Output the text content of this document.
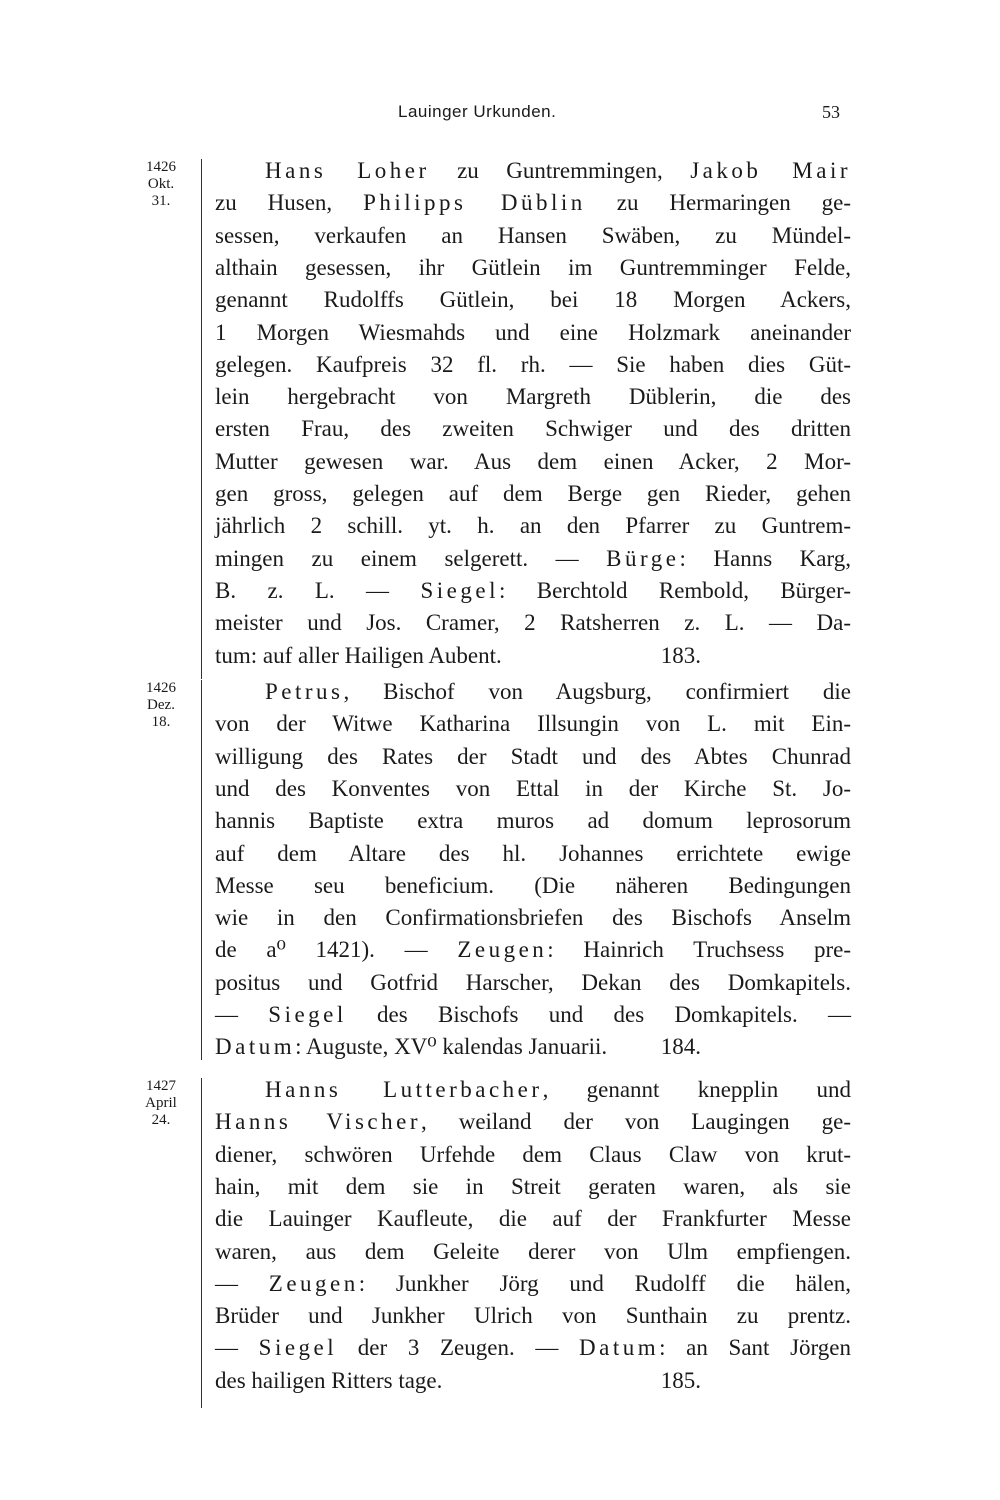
Lauinger Urkunden.	53
1426
Okt.
31.
Hans Loher zu Guntremmingen, Jakob Mair
zu Husen, Philipps Düblin zu Hermaringen ge-
sessen, verkaufen an Hansen Swäben, zu Mündel-
althain gesessen, ihr Gütlein im Guntremminger Felde,
genannt Rudolffs Gütlein, bei 18 Morgen Ackers,
1 Morgen Wiesmahds und eine Holzmark aneinander
gelegen. Kaufpreis 32 fl. rh. — Sie haben dies Güt-
lein hergebracht von Margreth Düblerin, die des
ersten Frau, des zweiten Schwiger und des dritten
Mutter gewesen war. Aus dem einen Acker, 2 Mor-
gen gross, gelegen auf dem Berge gen Rieder, gehen
jährlich 2 schill. yt. h. an den Pfarrer zu Guntrem-
mingen zu einem selgerett. — Bürge: Hanns Karg,
B. z. L. — Siegel: Berchtold Rembold, Bürger-
meister und Jos. Cramer, 2 Ratsherren z. L. — Da-
tum: auf aller Hailigen Aubent.	183.
1426
Dez.
18.
Petrus, Bischof von Augsburg, confirmiert die
von der Witwe Katharina Illsungin von L. mit Ein-
willigung des Rates der Stadt und des Abtes Chunrad
und des Konventes von Ettal in der Kirche St. Jo-
hannis Baptiste extra muros ad domum leprosorum
auf dem Altare des hl. Johannes errichtete ewige
Messe seu beneficium. (Die näheren Bedingungen
wie in den Confirmationsbriefen des Bischofs Anselm
de a⁰ 1421). — Zeugen: Hainrich Truchsess pre-
positus und Gotfrid Harscher, Dekan des Domkapitels.
— Siegel des Bischofs und des Domkapitels. —
Datum: Auguste, XV⁰ kalendas Januarii. 184.
1427
April
24.
Hanns Lutterbacher, genannt knepplin und
Hanns Vischer, weiland der von Laugingen ge-
diener, schwören Urfehde dem Claus Claw von krut-
hain, mit dem sie in Streit geraten waren, als sie
die Lauinger Kaufleute, die auf der Frankfurter Messe
waren, aus dem Geleite derer von Ulm empfiengen.
— Zeugen: Junkher Jörg und Rudolff die hälen,
Brüder und Junkher Ulrich von Sunthain zu prentz.
— Siegel der 3 Zeugen. — Datum: an Sant Jörgen
des hailigen Ritters tage.	185.
